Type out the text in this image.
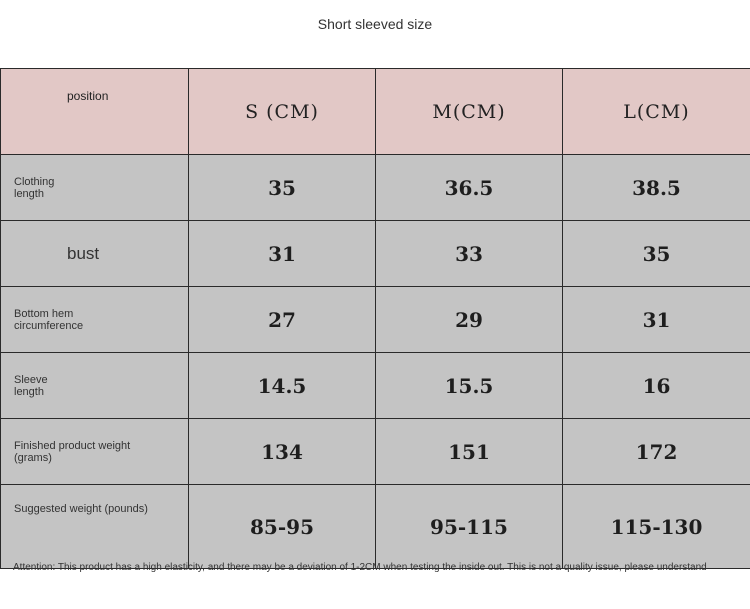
Short sleeved size
position	S (CM)	M(CM)	L(CM)
Clothing length	35	36.5	38.5
bust	31	33	35
Bottom hem circumference	27	29	31
Sleeve length	14.5	15.5	16
Finished product weight (grams)	134	151	172
Suggested weight (pounds)	85-95	95-115	115-130
Attention: This product has a high elasticity, and there may be a deviation of 1-2CM when testing the inside out. This is not a quality issue, please understand
